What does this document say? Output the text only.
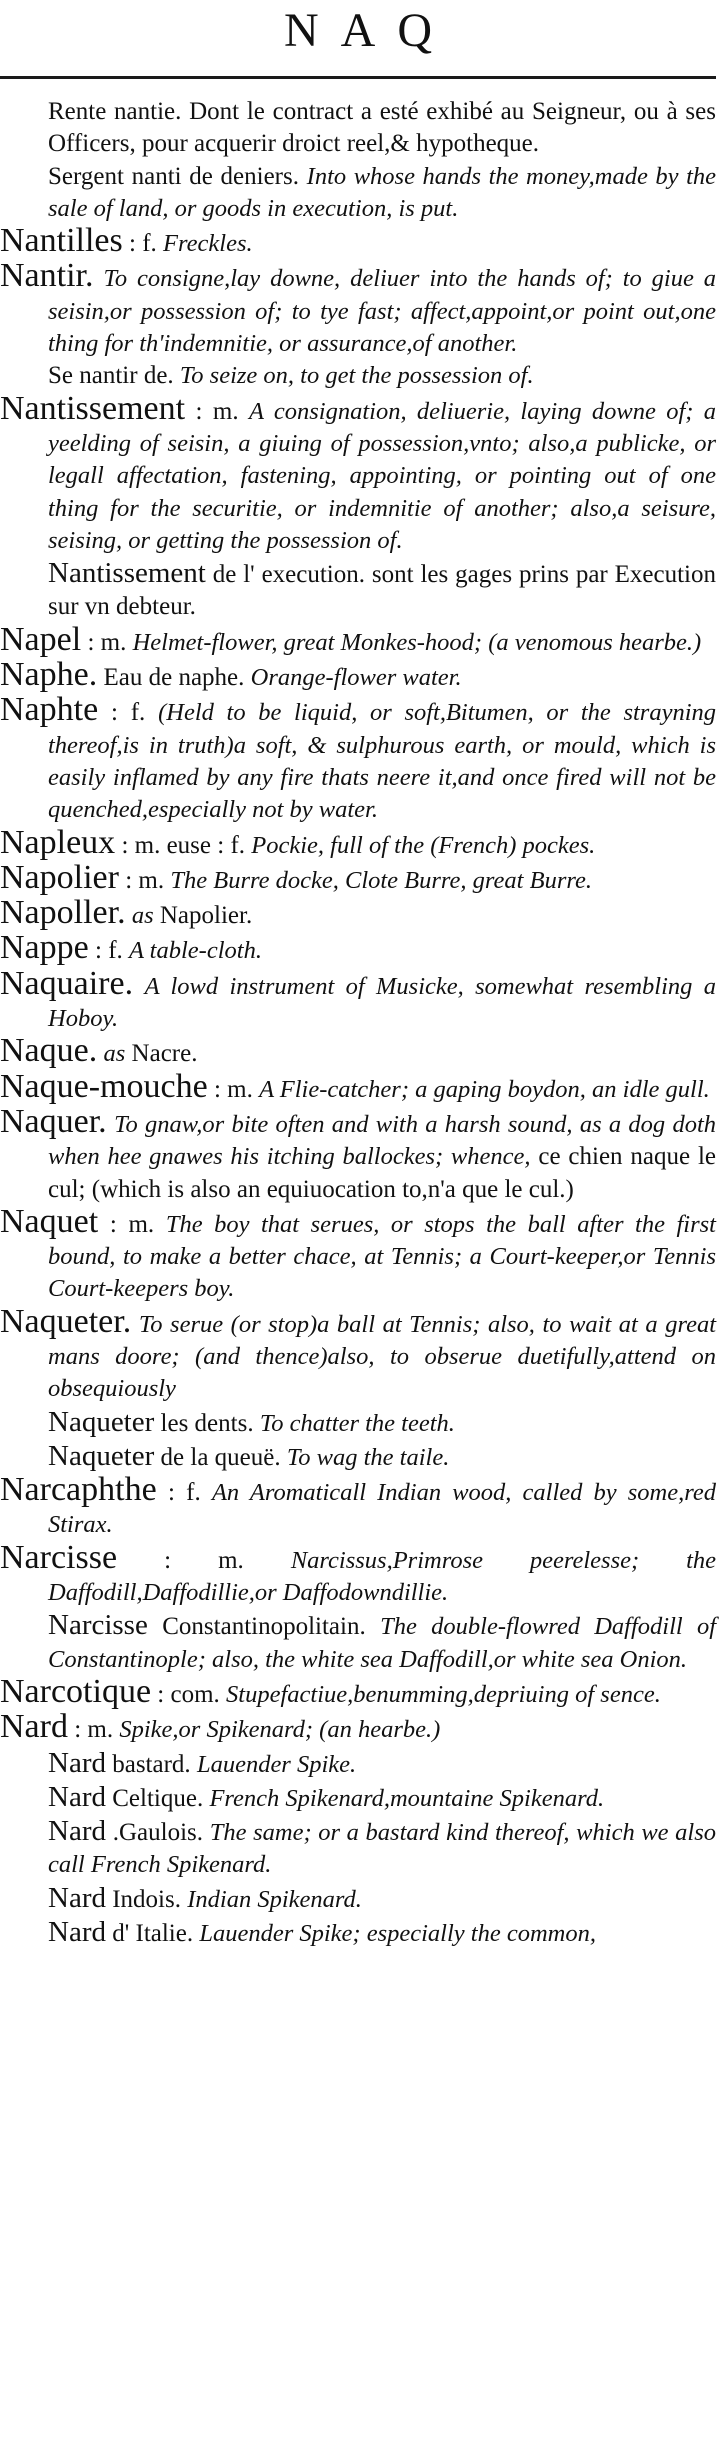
NAQ

Rente nantie. Dont le contract a esté exhibé au Seigneur, ou à ses Officers, pour acquerir droict reel,& hypotheque.

Sergent nanti de deniers. Into whose hands the money,made by the sale of land, or goods in execution, is put.

Nantilles : f. Freckles.

Nantir. To consigne,lay downe, deliuer into the hands of; to giue a seisin,or possession of; to tye fast; affect,appoint,or point out,one thing for th'indemnitie, or assurance,of another.

Se nantir de. To seize on, to get the possession of.

Nantissement : m. A consignation, deliuerie, laying downe of; a yeelding of seisin, a giuing of possession,vnto; also,a publicke, or legall affectation, fastening, appointing, or pointing out of one thing for the securitie, or indemnitie of another; also,a seisure, seising, or getting the possession of.

Nantissement de l' execution. sont les gages prins par Execution sur vn debteur.

Napel : m. Helmet-flower, great Monkes-hood; (a venomous hearbe.)

Naphe. Eau de naphe. Orange-flower water.

Naphte : f. (Held to be liquid, or soft,Bitumen, or the strayning thereof,is in truth)a soft, & sulphurous earth, or mould, which is easily inflamed by any fire thats neere it,and once fired will not be quenched,especially not by water.

Napleux : m. euse : f. Pockie, full of the (French) pockes.

Napolier : m. The Burre docke, Clote Burre, great Burre.

Napoller. as Napolier.

Nappe : f. A table-cloth.

Naquaire. A lowd instrument of Musicke, somewhat resembling a Hoboy.

Naque. as Nacre.

Naque-mouche : m. A Flie-catcher; a gaping boydon, an idle gull.

Naquer. To gnaw,or bite often and with a harsh sound, as a dog doth when hee gnawes his itching ballockes; whence, ce chien naque le cul; (which is also an equiuocation to,n'a que le cul.)

Naquet : m. The boy that serues, or stops the ball after the first bound, to make a better chace, at Tennis; a Court-keeper,or Tennis Court-keepers boy.

Naqueter. To serue (or stop)a ball at Tennis; also, to wait at a great mans doore; (and thence)also, to obserue duetifully,attend on obsequiously

Naqueter les dents. To chatter the teeth.

Naqueter de la queuë. To wag the taile.

Narcaphthe : f. An Aromaticall Indian wood, called by some,red Stirax.

Narcisse : m. Narcissus,Primrose peerelesse; the Daffodill,Daffodillie,or Daffodowndillie.

Narcisse Constantinopolitain. The double-flowred Daffodill of Constantinople; also, the white sea Daffodill,or white sea Onion.

Narcotique : com. Stupefactiue,benumming,depriuing of sence.

Nard : m. Spike,or Spikenard; (an hearbe.)

Nard bastard. Lauender Spike.

Nard Celtique. French Spikenard,mountaine Spikenard.

Nard .Gaulois. The same; or a bastard kind thereof, which we also call French Spikenard.

Nard Indois. Indian Spikenard.

Nard d' Italie. Lauender Spike; especially the common,
